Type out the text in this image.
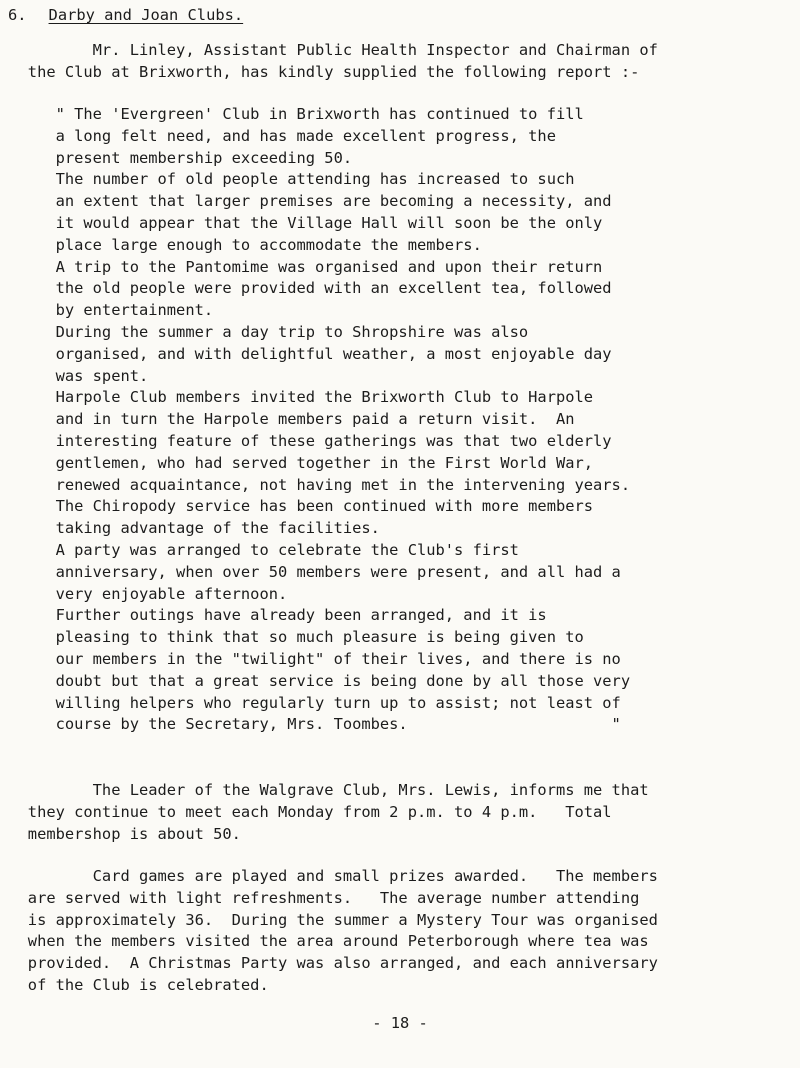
6. Darby and Joan Clubs.
Mr. Linley, Assistant Public Health Inspector and Chairman of
the Club at Brixworth, has kindly supplied the following report :-
" The 'Evergreen' Club in Brixworth has continued to fill
a long felt need, and has made excellent progress, the
present membership exceeding 50.
The number of old people attending has increased to such
an extent that larger premises are becoming a necessity, and
it would appear that the Village Hall will soon be the only
place large enough to accommodate the members.
A trip to the Pantomime was organised and upon their return
the old people were provided with an excellent tea, followed
by entertainment.
During the summer a day trip to Shropshire was also
organised, and with delightful weather, a most enjoyable day
was spent.
Harpole Club members invited the Brixworth Club to Harpole
and in turn the Harpole members paid a return visit.  An
interesting feature of these gatherings was that two elderly
gentlemen, who had served together in the First World War,
renewed acquaintance, not having met in the intervening years.
The Chiropody service has been continued with more members
taking advantage of the facilities.
A party was arranged to celebrate the Club's first
anniversary, when over 50 members were present, and all had a
very enjoyable afternoon.
Further outings have already been arranged, and it is
pleasing to think that so much pleasure is being given to
our members in the "twilight" of their lives, and there is no
doubt but that a great service is being done by all those very
willing helpers who regularly turn up to assist; not least of
course by the Secretary, Mrs. Toombes.                      "
The Leader of the Walgrave Club, Mrs. Lewis, informs me that
they continue to meet each Monday from 2 p.m. to 4 p.m.   Total
membershop is about 50.
Card games are played and small prizes awarded.   The members
are served with light refreshments.   The average number attending
is approximately 36.  During the summer a Mystery Tour was organised
when the members visited the area around Peterborough where tea was
provided.  A Christmas Party was also arranged, and each anniversary
of the Club is celebrated.
- 18 -
